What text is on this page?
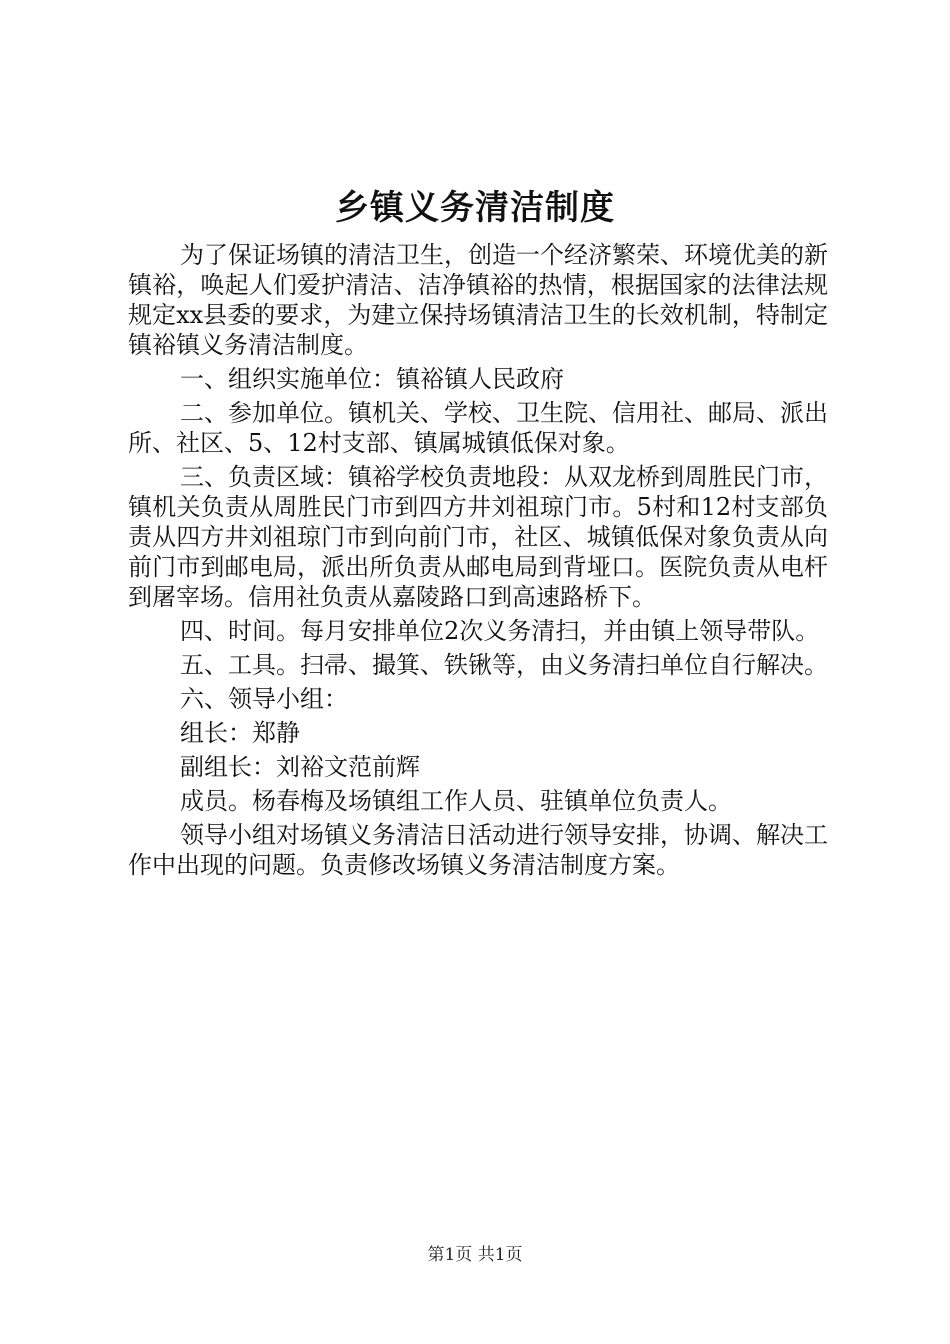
乡镇义务清洁制度

为了保证场镇的清洁卫生，创造一个经济繁荣、环境优美的新镇裕，唤起人们爱护清洁、洁净镇裕的热情，根据国家的法律法规规定xx县委的要求，为建立保持场镇清洁卫生的长效机制，特制定镇裕镇义务清洁制度。

一、组织实施单位：镇裕镇人民政府

二、参加单位。镇机关、学校、卫生院、信用社、邮局、派出所、社区、5、12村支部、镇属城镇低保对象。

三、负责区域：镇裕学校负责地段：从双龙桥到周胜民门市，镇机关负责从周胜民门市到四方井刘祖琼门市。5村和12村支部负责从四方井刘祖琼门市到向前门市，社区、城镇低保对象负责从向前门市到邮电局，派出所负责从邮电局到背垭口。医院负责从电杆到屠宰场。信用社负责从嘉陵路口到高速路桥下。

四、时间。每月安排单位2次义务清扫，并由镇上领导带队。

五、工具。扫帚、撮箕、铁锹等，由义务清扫单位自行解决。

六、领导小组：

组长：郑静

副组长：刘裕文范前辉

成员。杨春梅及场镇组工作人员、驻镇单位负责人。

领导小组对场镇义务清洁日活动进行领导安排，协调、解决工作中出现的问题。负责修改场镇义务清洁制度方案。

第1页 共1页
